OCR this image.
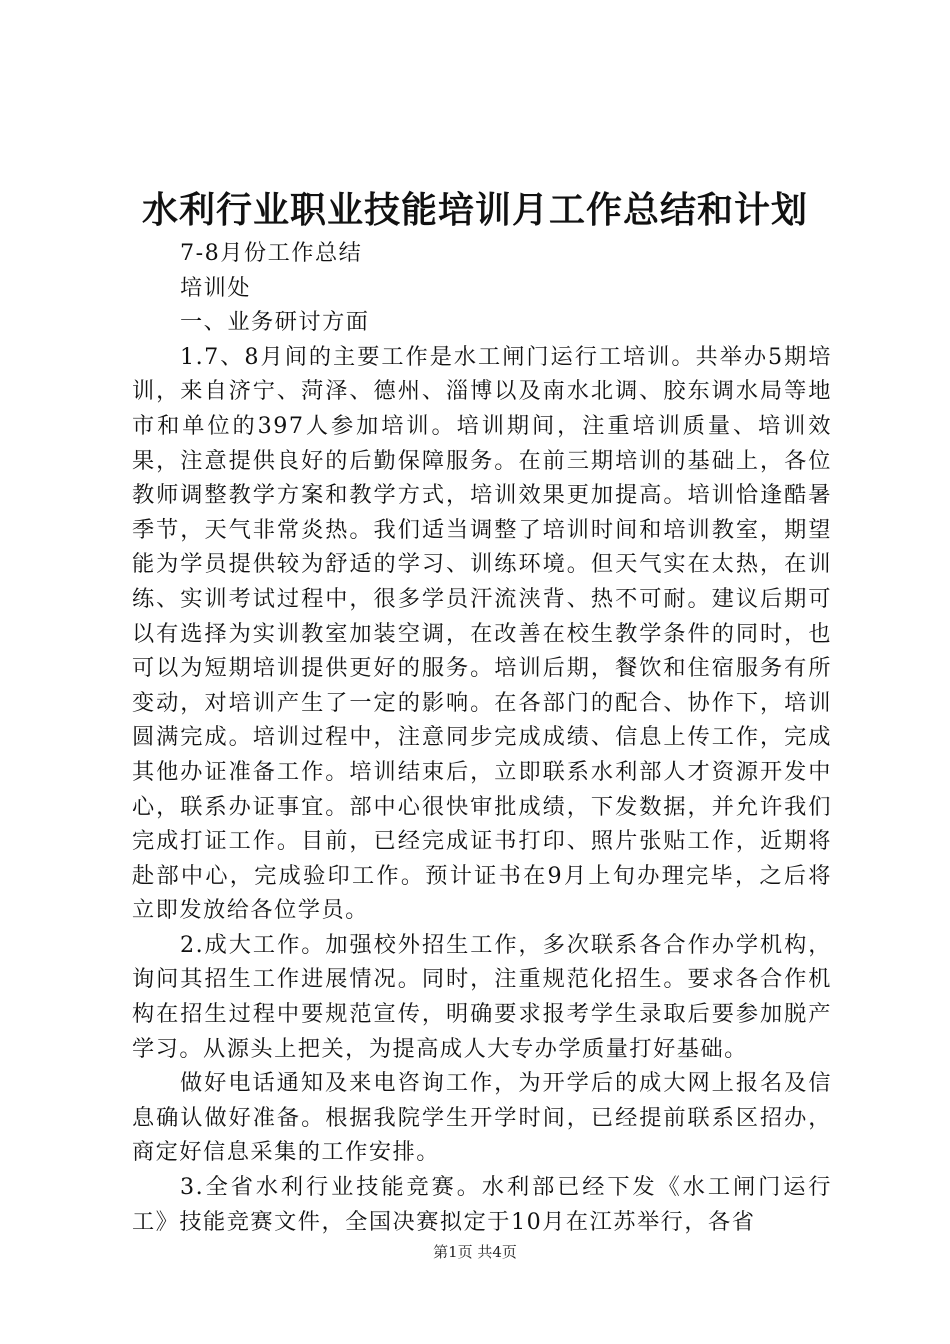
水利行业职业技能培训月工作总结和计划

7-8月份工作总结

培训处

一、业务研讨方面

1.7、8月间的主要工作是水工闸门运行工培训。共举办5期培训，来自济宁、菏泽、德州、淄博以及南水北调、胶东调水局等地市和单位的397人参加培训。培训期间，注重培训质量、培训效果，注意提供良好的后勤保障服务。在前三期培训的基础上，各位教师调整教学方案和教学方式，培训效果更加提高。培训恰逢酷暑季节，天气非常炎热。我们适当调整了培训时间和培训教室，期望能为学员提供较为舒适的学习、训练环境。但天气实在太热，在训练、实训考试过程中，很多学员汗流浃背、热不可耐。建议后期可以有选择为实训教室加装空调，在改善在校生教学条件的同时，也可以为短期培训提供更好的服务。培训后期，餐饮和住宿服务有所变动，对培训产生了一定的影响。在各部门的配合、协作下，培训圆满完成。培训过程中，注意同步完成成绩、信息上传工作，完成其他办证准备工作。培训结束后，立即联系水利部人才资源开发中心，联系办证事宜。部中心很快审批成绩，下发数据，并允许我们完成打证工作。目前，已经完成证书打印、照片张贴工作，近期将赴部中心，完成验印工作。预计证书在9月上旬办理完毕，之后将立即发放给各位学员。

2.成大工作。加强校外招生工作，多次联系各合作办学机构，询问其招生工作进展情况。同时，注重规范化招生。要求各合作机构在招生过程中要规范宣传，明确要求报考学生录取后要参加脱产学习。从源头上把关，为提高成人大专办学质量打好基础。

做好电话通知及来电咨询工作，为开学后的成大网上报名及信息确认做好准备。根据我院学生开学时间，已经提前联系区招办，商定好信息采集的工作安排。

3.全省水利行业技能竞赛。水利部已经下发《水工闸门运行工》技能竞赛文件，全国决赛拟定于10月在江苏举行，各省

第1页 共4页
